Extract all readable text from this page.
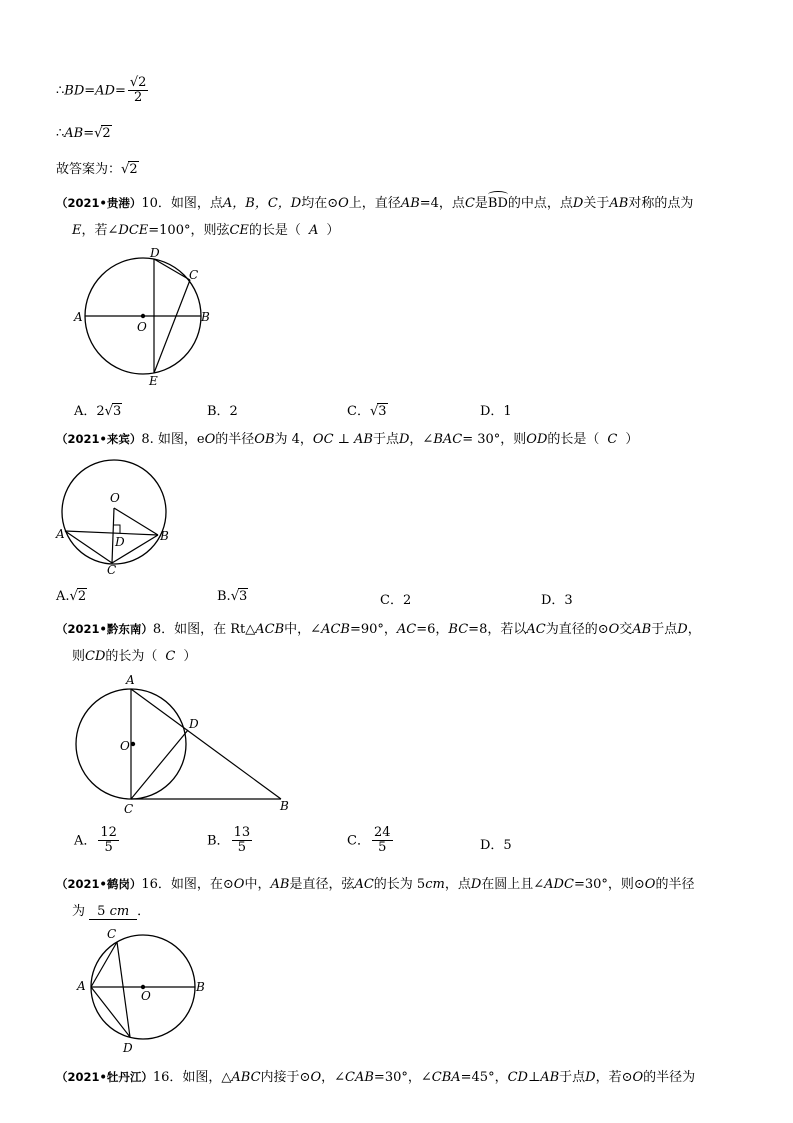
∴BD=AD= $\frac{√2}{2}$
∴AB=√2
故答案为：√2
（2021•贵港）10．如图，点A，B，C，D均在⊙O上，直径AB=4，点C是
BD的中点，点D关于AB对称的点为
E，若∠DCE=100°，则弦CE的长是（ A ）
D
C
A
O
B
E
A．2√3	B．2	C．√3	D．1
（2021•来宾）8. 如图，eO的半径OB为 4，OC ⊥ AB于点D，∠BAC= 30°，则OD的长是（ C ）
O
A
D	B
C
A.√2	B.√3	C．2	D．3
（2021•黔东南）8．如图，在 Rt△ACB中，∠ACB=90°，AC=6，BC=8，若以AC为直径的⊙O交AB于点D，
则CD的长为（ C ）
A
D
O
C	B
A． $\frac{12}{5}$	B． $\frac{13}{5}$	C． $\frac{24}{5}$	D．5
（2021•鹤岗）16．如图，在⊙O中，AB是直径，弦AC的长为 5cm，点D在圆上且∠ADC=30°，则⊙O的半径
为 5 cm ．
C
A
O
B
D
（2021•牡丹江）16．如图，△ABC内接于⊙O，∠CAB=30°，∠CBA=45°，CD⊥AB于点D，若⊙O的半径为
